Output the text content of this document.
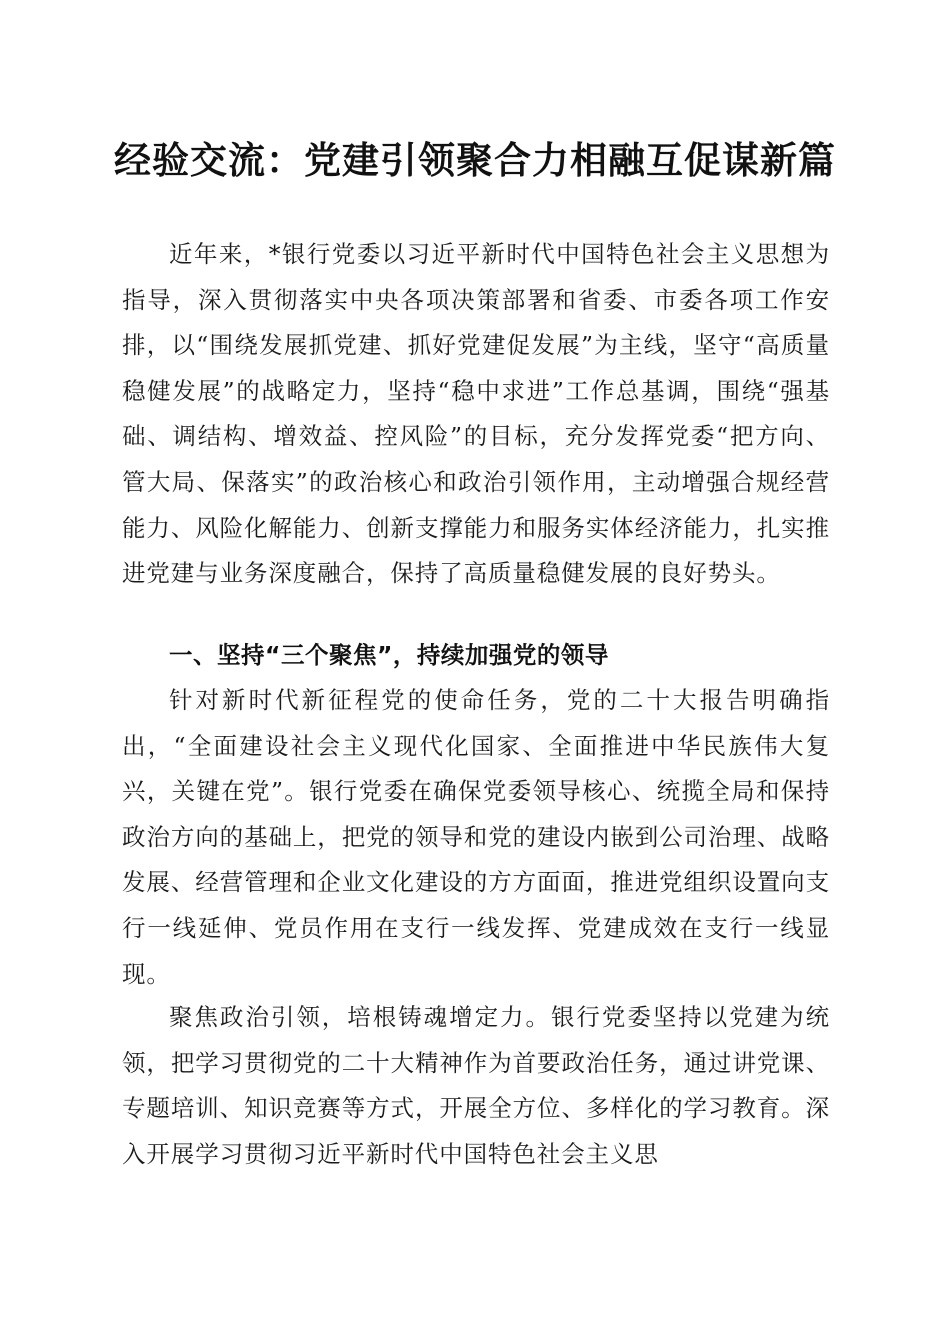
经验交流：党建引领聚合力相融互促谋新篇

近年来，*银行党委以习近平新时代中国特色社会主义思想为指导，深入贯彻落实中央各项决策部署和省委、市委各项工作安排，以“围绕发展抓党建、抓好党建促发展”为主线，坚守“高质量稳健发展”的战略定力，坚持“稳中求进”工作总基调，围绕“强基础、调结构、增效益、控风险”的目标，充分发挥党委“把方向、管大局、保落实”的政治核心和政治引领作用，主动增强合规经营能力、风险化解能力、创新支撑能力和服务实体经济能力，扎实推进党建与业务深度融合，保持了高质量稳健发展的良好势头。

一、坚持“三个聚焦”，持续加强党的领导

针对新时代新征程党的使命任务，党的二十大报告明确指出，“全面建设社会主义现代化国家、全面推进中华民族伟大复兴，关键在党”。银行党委在确保党委领导核心、统揽全局和保持政治方向的基础上，把党的领导和党的建设内嵌到公司治理、战略发展、经营管理和企业文化建设的方方面面，推进党组织设置向支行一线延伸、党员作用在支行一线发挥、党建成效在支行一线显现。

聚焦政治引领，培根铸魂增定力。银行党委坚持以党建为统领，把学习贯彻党的二十大精神作为首要政治任务，通过讲党课、专题培训、知识竞赛等方式，开展全方位、多样化的学习教育。深入开展学习贯彻习近平新时代中国特色社会主义思
